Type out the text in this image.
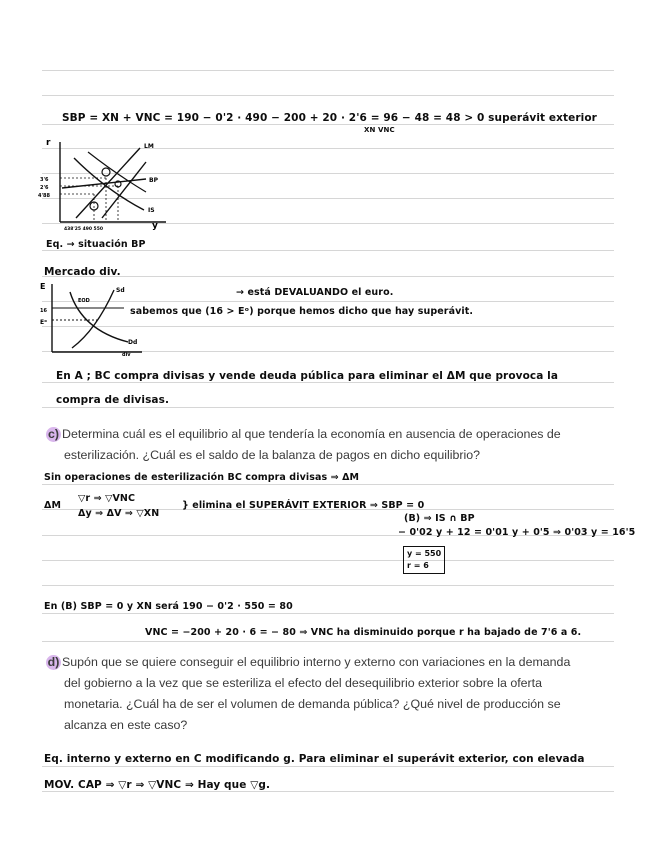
SBP = XN + VNC = 190 − 0'2 · 490 − 200 + 20 · 2'6 = 96 − 48 = 48 > 0 superávit exterior
XN VNC
r	LM
BP
IS
3'6
2'6
4'88
438'25 490 550	y
Eq. → situación BP
Mercado div.
E	Sd
Dd
div
16
Eᵒ
EOD
→ está DEVALUANDO el euro.
sabemos que (16 > Eᵒ) porque hemos dicho que hay superávit.
En A ; BC compra divisas y vende deuda pública para eliminar el ΔM que provoca la
compra de divisas.
c) Determina cuál es el equilibrio al que tendería la economía en ausencia de operaciones de
esterilización. ¿Cuál es el saldo de la balanza de pagos en dicho equilibrio?
Sin operaciones de esterilización BC compra divisas ⇒ ΔM
ΔM
▽r ⇒ ▽VNC
Δy ⇒ ΔV ⇒ ▽XN
} elimina el SUPERÁVIT EXTERIOR ⇒ SBP = 0
(B) ⇒ IS ∩ BP
− 0'02 y + 12 = 0'01 y + 0'5 ⇒ 0'03 y = 16'5
y = 550
r = 6
En (B) SBP = 0 y XN será 190 − 0'2 · 550 = 80
VNC = −200 + 20 · 6 = − 80 ⇒ VNC ha disminuido porque r ha bajado de 7'6 a 6.
d) Supón que se quiere conseguir el equilibrio interno y externo con variaciones en la demanda
del gobierno a la vez que se esteriliza el efecto del desequilibrio exterior sobre la oferta
monetaria. ¿Cuál ha de ser el volumen de demanda pública? ¿Qué nivel de producción se
alcanza en este caso?
Eq. interno y externo en C modificando g. Para eliminar el superávit exterior, con elevada
MOV. CAP ⇒ ▽r ⇒ ▽VNC ⇒ Hay que ▽g.
